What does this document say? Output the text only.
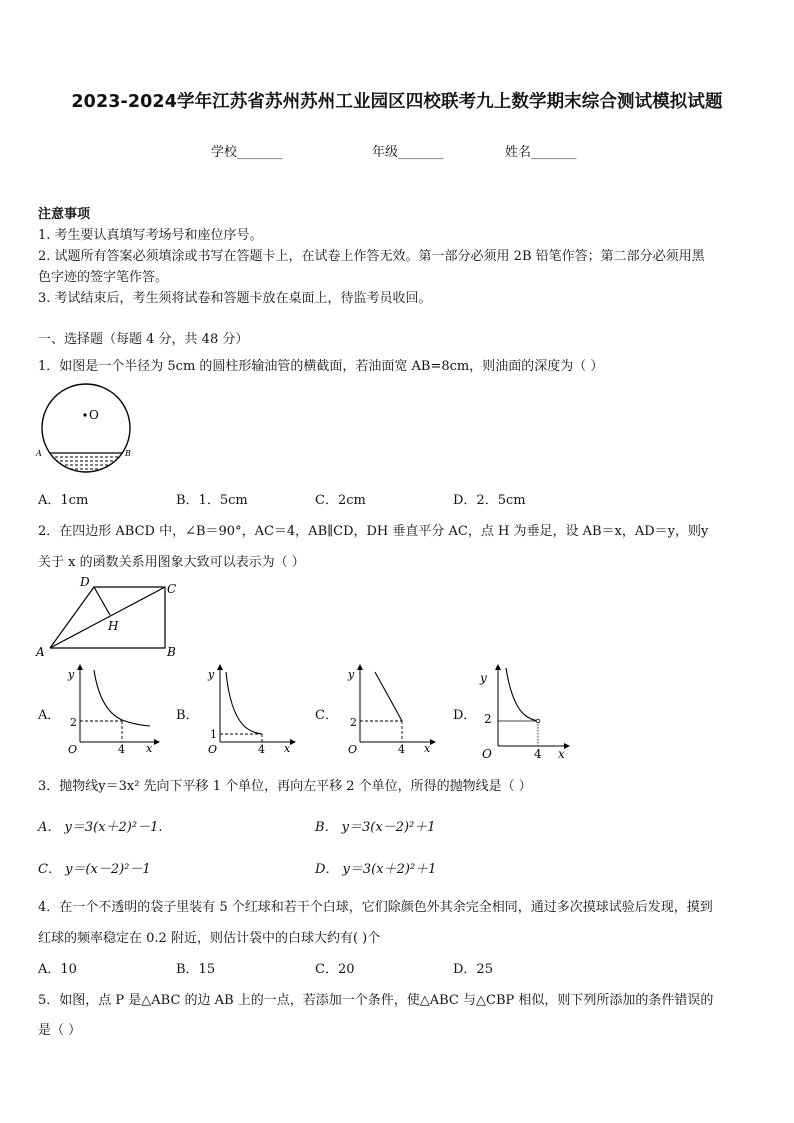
2023-2024学年江苏省苏州苏州工业园区四校联考九上数学期末综合测试模拟试题
学校_______	年级_______	姓名_______
注意事项
1. 考生要认真填写考场号和座位序号。
2. 试题所有答案必须填涂或书写在答题卡上，在试卷上作答无效。第一部分必须用 2B 铅笔作答；第二部分必须用黑
色字迹的签字笔作答。
3. 考试结束后，考生须将试卷和答题卡放在桌面上，待监考员收回。
一、选择题（每题 4 分，共 48 分）
1．如图是一个半径为 5cm 的圆柱形输油管的横截面，若油面宽 AB=8cm，则油面的深度为（ ）
O
A	B
A．1cm	B．1．5cm	C．2cm	D．2．5cm
2．在四边形 ABCD 中，∠B＝90°，AC＝4，AB∥CD，DH 垂直平分 AC，点 H 为垂足，设 AB＝x，AD＝y，则y
关于 x 的函数关系用图象大致可以表示为（ ）
A	B
C
D
H
A．
y
x
O
2
4
B．
y
x
O
1
4
C．
y
x
O
2
4
D．
y
x
O
2
4
3．抛物线y＝3x² 先向下平移 1 个单位，再向左平移 2 个单位，所得的抛物线是（ ）
A． y＝3(x＋2)²－1.	B． y＝3(x－2)²＋1
C． y＝(x－2)²－1	D． y＝3(x＋2)²＋1
4．在一个不透明的袋子里装有 5 个红球和若干个白球，它们除颜色外其余完全相同，通过多次摸球试验后发现，摸到
红球的频率稳定在 0.2 附近，则估计袋中的白球大约有( )个
A．10	B．15	C．20	D．25
5．如图，点 P 是△ABC 的边 AB 上的一点，若添加一个条件，使△ABC 与△CBP 相似，则下列所添加的条件错误的
是（ ）
